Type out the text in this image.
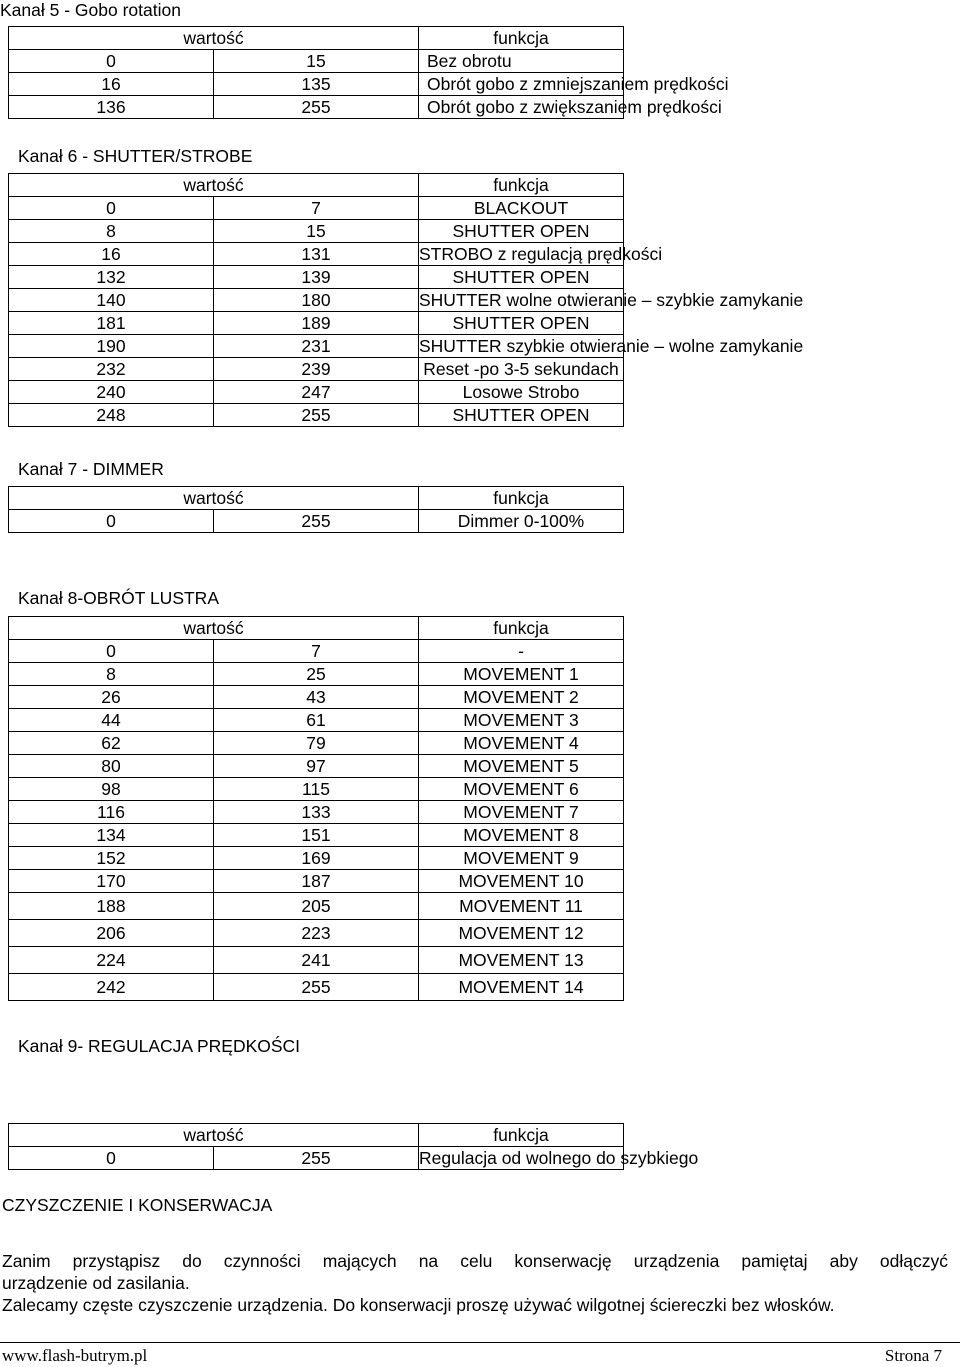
Kanał 5 - Gobo rotation
wartość		funkcja
0	15	Bez obrotu
16	135	Obrót gobo z zmniejszaniem prędkości
136	255	Obrót gobo z zwiększaniem prędkości
Kanał 6 - SHUTTER/STROBE
wartość		funkcja
0	7	BLACKOUT
8	15	SHUTTER OPEN
16	131	STROBO z regulacją prędkości
132	139	SHUTTER OPEN
140	180	SHUTTER wolne otwieranie – szybkie zamykanie
181	189	SHUTTER OPEN
190	231	SHUTTER szybkie otwieranie – wolne zamykanie
232	239	Reset -po 3-5 sekundach
240	247	Losowe Strobo
248	255	SHUTTER OPEN
Kanał 7 - DIMMER
wartość		funkcja
0	255	Dimmer 0-100%
Kanał 8-OBRÓT LUSTRA
wartość		funkcja
0	7	-
8	25	MOVEMENT 1
26	43	MOVEMENT 2
44	61	MOVEMENT 3
62	79	MOVEMENT 4
80	97	MOVEMENT 5
98	115	MOVEMENT 6
116	133	MOVEMENT 7
134	151	MOVEMENT 8
152	169	MOVEMENT 9
170	187	MOVEMENT 10
188	205	MOVEMENT 11
206	223	MOVEMENT 12
224	241	MOVEMENT 13
242	255	MOVEMENT 14
Kanał 9- REGULACJA PRĘDKOŚCI
wartość		funkcja
0	255	Regulacja od wolnego do szybkiego
CZYSZCZENIE I KONSERWACJA

Zanim przystąpisz do czynności mających na celu konserwację urządzenia pamiętaj aby odłączyć

urządzenie od zasilania.

Zalecamy częste czyszczenie urządzenia. Do konserwacji proszę używać wilgotnej ściereczki bez włosków.

www.flash-butrym.pl	Strona 7
